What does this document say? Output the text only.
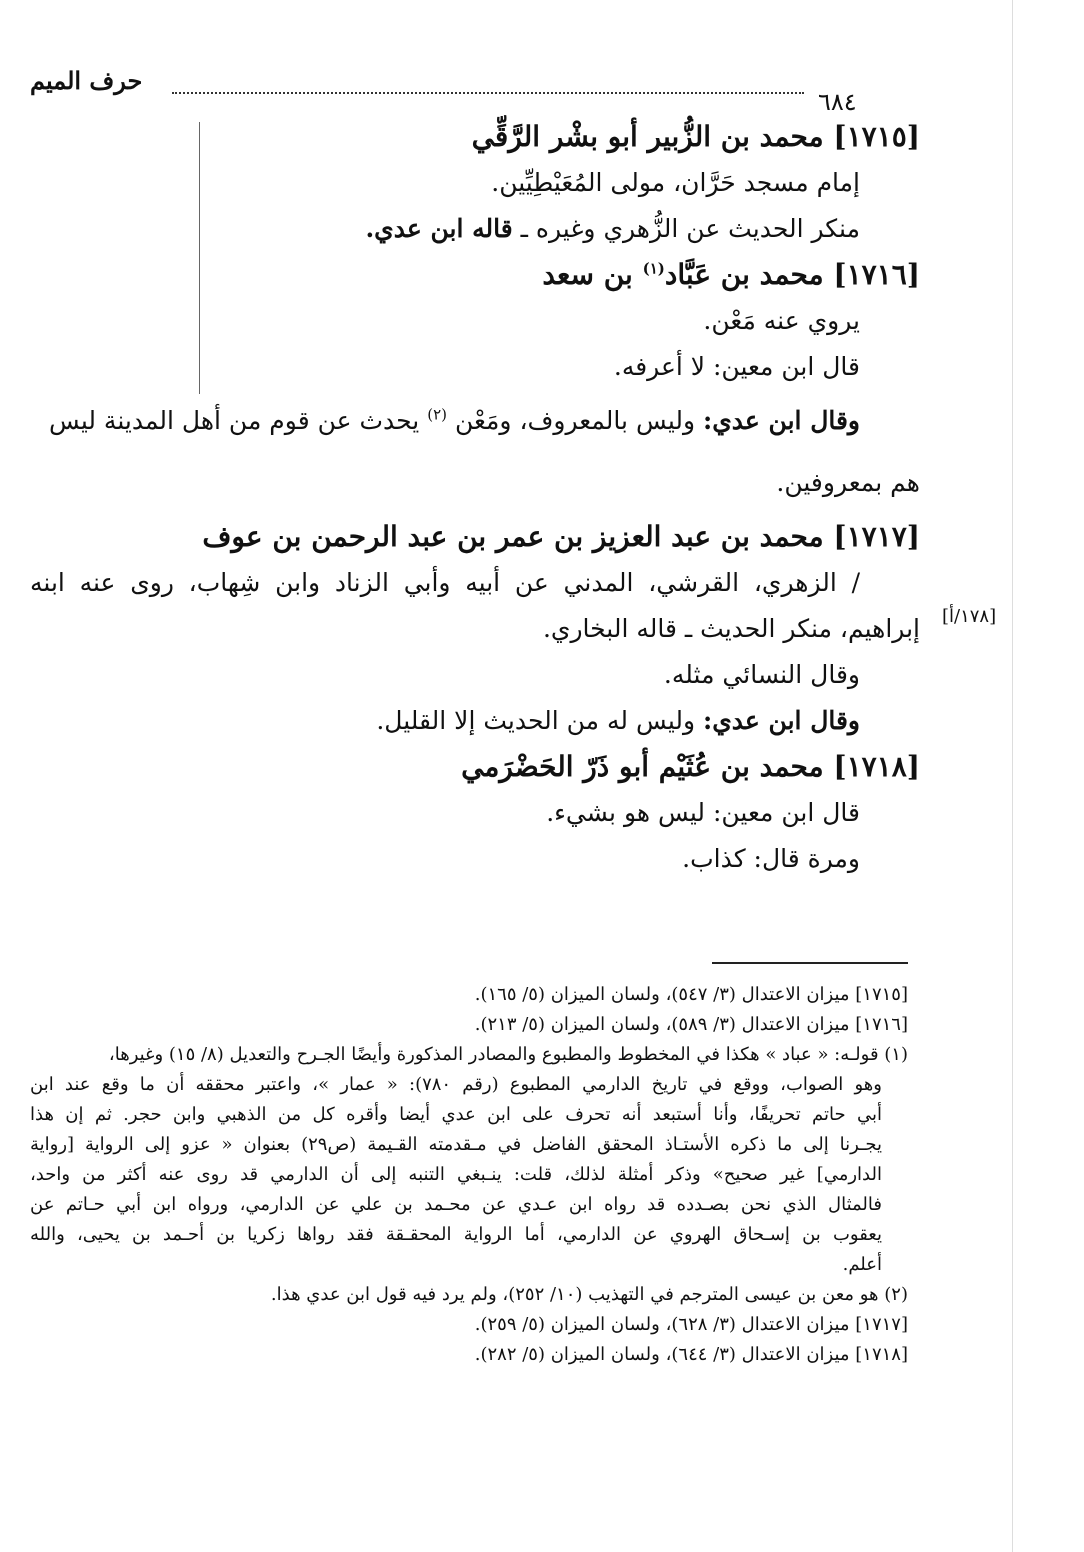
حرف الميم
٦٨٤
[١٧٨/أ]

[١٧١٥] محمد بن الزُّبير أبو بشْر الرَّقِّي

إمام مسجد حَرَّان، مولى المُعَيْطِيِّين.

منكر الحديث عن الزُّهري وغيره ـ قاله ابن عدي.

[١٧١٦] محمد بن عَبَّاد$^{(١)}$ بن سعد

يروي عنه مَعْن.

قال ابن معين: لا أعرفه.

وقال ابن عدي: وليس بالمعروف، ومَعْن $^{(٢)}$ يحدث عن قوم من أهل المدينة ليس

هم بمعروفين.

[١٧١٧] محمد بن عبد العزيز بن عمر بن عبد الرحمن بن عوف

/ الزهري، القرشي، المدني عن أبيه وأبي الزناد وابن شِهاب، روى عنه ابنه

إبراهيم، منكر الحديث ـ قاله البخاري.

وقال النسائي مثله.

وقال ابن عدي: وليس له من الحديث إلا القليل.

[١٧١٨] محمد بن عُثَيْم أبو ذَرّ الحَضْرَمي

قال ابن معين: ليس هو بشيء.

ومرة قال: كذاب.

[١٧١٥] ميزان الاعتدال (٣/ ٥٤٧)، ولسان الميزان (٥/ ١٦٥).

[١٧١٦] ميزان الاعتدال (٣/ ٥٨٩)، ولسان الميزان (٥/ ٢١٣).

(١) قولـه: « عباد » هكذا في المخطوط والمطبوع والمصادر المذكورة وأيضًا الجـرح والتعديل (٨/ ١٥) وغيرها،

وهو الصواب، ووقع في تاريخ الدارمي المطبوع (رقم ٧٨٠): « عمار »، واعتبر محققه أن ما وقع عند ابن

أبي حاتم تحريفًا، وأنا أستبعد أنه تحرف على ابن عدي أيضا وأقره كل من الذهبي وابن حجر. ثم إن هذا

يجـرنا إلى ما ذكره الأستـاذ المحقق الفاضل في مـقدمته القـيمة (ص٢٩) بعنوان « عزو إلى الرواية [رواية

الدارمي] غير صحيح» وذكر أمثلة لذلك، قلت: ينـبغي التنبه إلى أن الدارمي قد روى عنه أكثر من واحد،

فالمثال الذي نحن بصـدده قد رواه ابن عـدي عن محـمد بن علي عن الدارمي، ورواه ابن أبي حـاتم عن

يعقوب بن إسـحاق الهروي عن الدارمي، أما الرواية المحقـقة فقد رواها زكريا بن أحـمد بن يحيى، والله

أعلم.

(٢) هو معن بن عيسى المترجم في التهذيب (١٠/ ٢٥٢)، ولم يرد فيه قول ابن عدي هذا.

[١٧١٧] ميزان الاعتدال (٣/ ٦٢٨)، ولسان الميزان (٥/ ٢٥٩).

[١٧١٨] ميزان الاعتدال (٣/ ٦٤٤)، ولسان الميزان (٥/ ٢٨٢).
